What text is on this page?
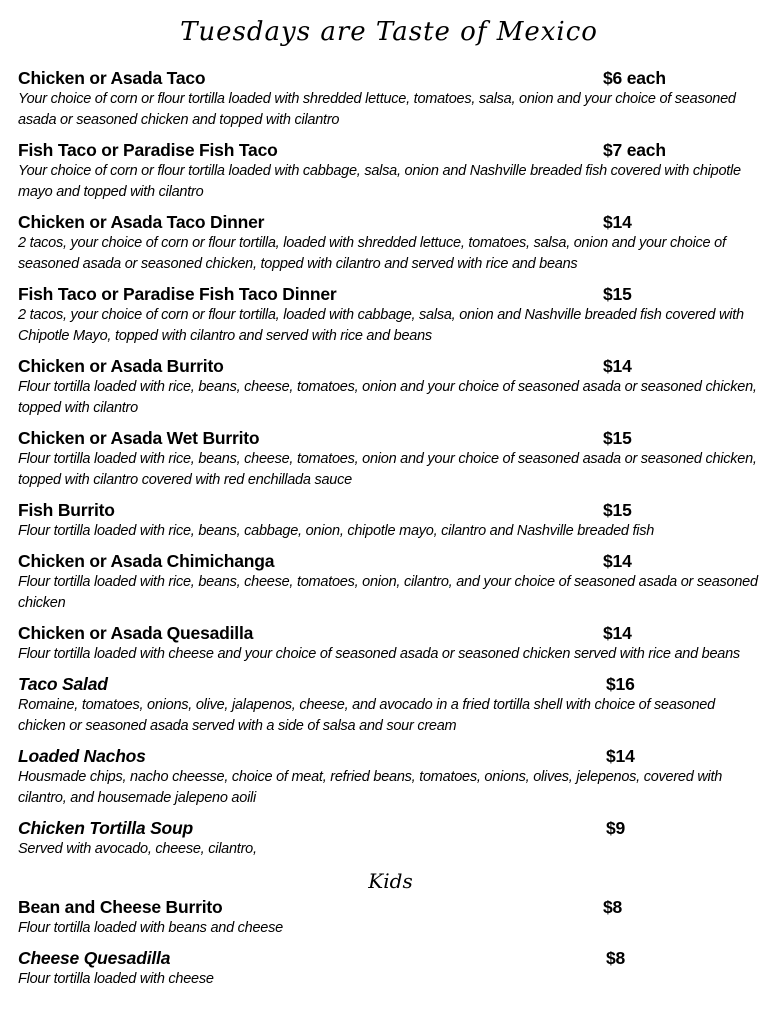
Tuesdays are Taste of Mexico
Chicken or Asada Taco	$6 each
Your choice of corn or flour tortilla loaded with shredded lettuce, tomatoes, salsa, onion and your choice of seasoned asada or seasoned chicken and topped with cilantro
Fish Taco or Paradise Fish Taco	$7 each
Your choice of corn or flour tortilla loaded with cabbage, salsa, onion and Nashville breaded fish covered with chipotle mayo and topped with cilantro
Chicken or Asada Taco Dinner	$14
2 tacos, your choice of corn or flour tortilla, loaded with shredded lettuce, tomatoes, salsa, onion and your choice of seasoned asada or seasoned chicken, topped with cilantro and served with rice and beans
Fish Taco or Paradise Fish Taco Dinner	$15
2 tacos, your choice of corn or flour tortilla, loaded with cabbage, salsa, onion and Nashville breaded fish covered with Chipotle Mayo, topped with cilantro and served with rice and beans
Chicken or Asada Burrito	$14
Flour tortilla loaded with rice, beans, cheese, tomatoes, onion and your choice of seasoned asada or seasoned chicken, topped with cilantro
Chicken or Asada Wet Burrito	$15
Flour tortilla loaded with rice, beans, cheese, tomatoes, onion and your choice of seasoned asada or seasoned chicken, topped with cilantro covered with red enchillada sauce
Fish Burrito	$15
Flour tortilla loaded with rice, beans, cabbage, onion, chipotle mayo, cilantro and Nashville breaded fish
Chicken or Asada Chimichanga	$14
Flour tortilla loaded with rice, beans, cheese, tomatoes, onion, cilantro, and your choice of seasoned asada or seasoned chicken
Chicken or Asada Quesadilla	$14
Flour tortilla loaded with cheese and your choice of seasoned asada or seasoned chicken served with rice and beans
Taco Salad	$16
Romaine, tomatoes, onions, olive, jalapenos, cheese, and avocado in a fried tortilla shell with choice of seasoned chicken or seasoned asada served with a side of salsa and sour cream
Loaded Nachos	$14
Housmade chips, nacho cheesse, choice of meat, refried beans, tomatoes, onions, olives, jelepenos, covered with cilantro, and housemade jalepeno aoili
Chicken Tortilla Soup	$9
Served with avocado, cheese, cilantro,
Kids
Bean and Cheese Burrito	$8
Flour tortilla loaded with beans and cheese
Cheese Quesadilla	$8
Flour tortilla loaded with cheese
